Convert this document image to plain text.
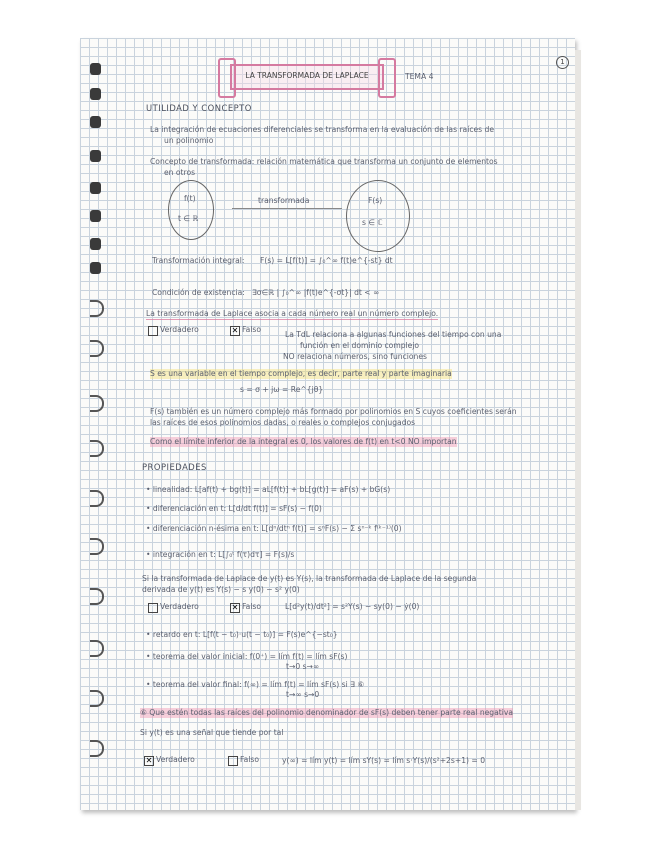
1
LA TRANSFORMADA DE LAPLACE	TEMA 4
UTILIDAD Y CONCEPTO
La integración de ecuaciones diferenciales se transforma en la evaluación de las raíces de
un polinomio
Concepto de transformada: relación matemática que transforma un conjunto de elementos
en otros
f(t)
t ∈ ℝ
transformada	F(s)
s ∈ ℂ
Transformación integral: F(s) = L[f(t)] = ∫₀^∞ f(t)e^{-st} dt
Condición de existencia: ∃σ∈ℝ | ∫₀^∞ |f(t)e^{-σt}| dt < ∞
La transformada de Laplace asocia a cada número real un número complejo.
Verdadero	✕ Falso
La TdL relaciona a algunas funciones del tiempo con una
función en el dominio complejo
NO relaciona números, sino funciones
S es una variable en el tiempo complejo, es decir, parte real y parte imaginaria
s = σ + jω = Re^{jθ}
F(s) también es un número complejo más formado por polinomios en S cuyos coeficientes serán
las raíces de esos polinomios dadas, o reales o complejos conjugados
Como el límite inferior de la integral es 0, los valores de f(t) en t<0 NO importan
PROPIEDADES
• linealidad: L[af(t) + bg(t)] = aL[f(t)] + bL[g(t)] = aF(s) + bG(s)
• diferenciación en t: L[d/dt f(t)] = sF(s) − f(0)
• diferenciación n-ésima en t: L[dⁿ/dtⁿ f(t)] = sⁿF(s) − Σ sⁿ⁻ᵏ f⁽ᵏ⁻¹⁾(0)
• integración en t: L[∫₀ᵗ f(τ)dτ] = F(s)/s
Si la transformada de Laplace de y(t) es Y(s), la transformada de Laplace de la segunda
derivada de y(t) es Y(s) − s y(0) − s² y(0)
Verdadero	✕ Falso	L[d²y(t)/dt²] = s²Y(s) − sy(0) − ẏ(0)
• retardo en t: L[f(t − t₀)·u(t − t₀)] = F(s)e^{−st₀}
• teorema del valor inicial: f(0⁺) = lím f(t) = lím sF(s)
t→0 s→∞
• teorema del valor final: f(∞) = lím f(t) = lím sF(s) si ∃ ⑥
t→∞ s→0
⑥ Que estén todas las raíces del polinomio denominador de sF(s) deben tener parte real negativa
Si y(t) es una señal que tiende por tal
✕ Verdadero	Falso	y(∞) = lím y(t) = lím sY(s) = lím s·Y(s)/(s²+2s+1) = 0
